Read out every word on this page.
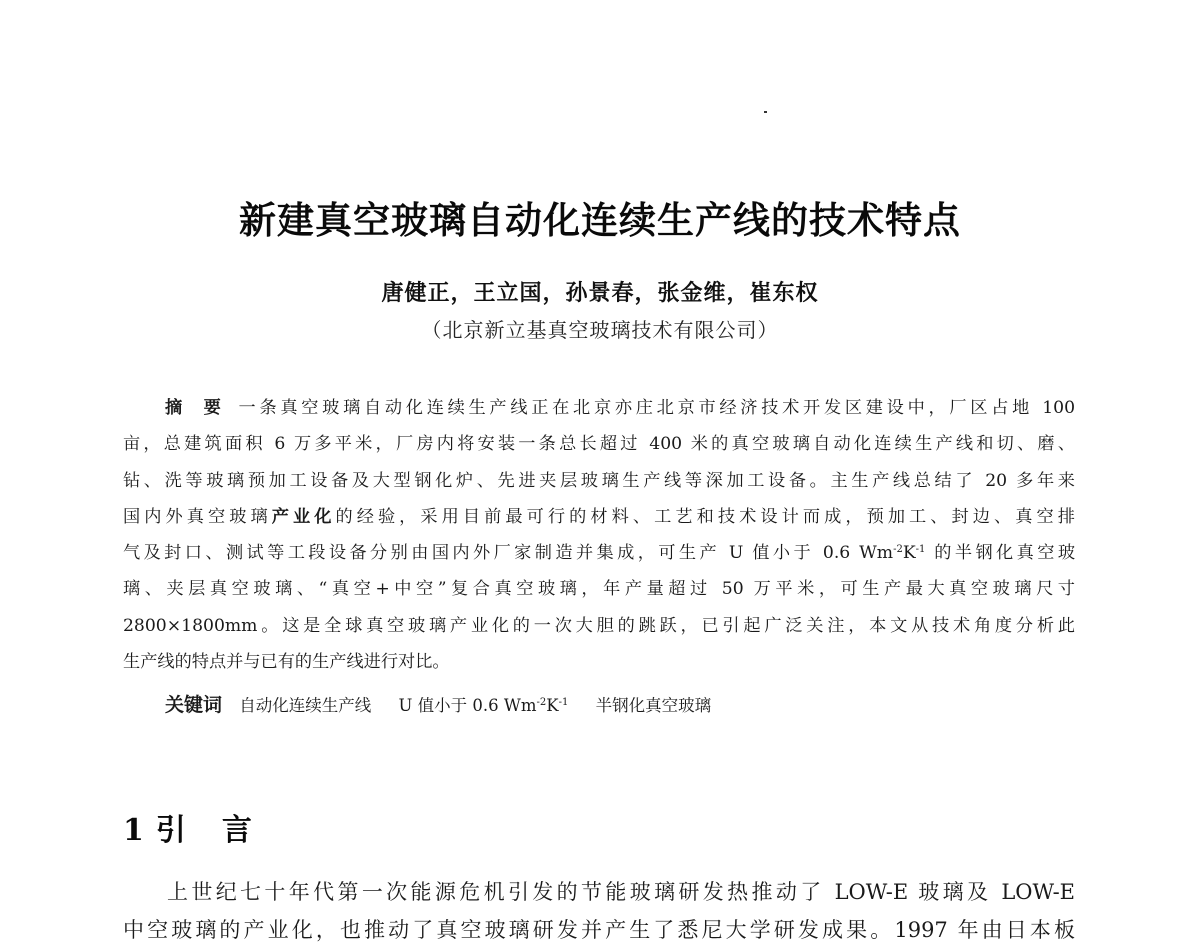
新建真空玻璃自动化连续生产线的技术特点
唐健正，王立国，孙景春，张金维，崔东权
（北京新立基真空玻璃技术有限公司）
摘 要 一条真空玻璃自动化连续生产线正在北京亦庄北京市经济技术开发区建设中，厂区占地 100
亩，总建筑面积 6 万多平米，厂房内将安装一条总长超过 400 米的真空玻璃自动化连续生产线和切、磨、
钻、洗等玻璃预加工设备及大型钢化炉、先进夹层玻璃生产线等深加工设备。主生产线总结了 20 多年来
国内外真空玻璃产业化的经验，采用目前最可行的材料、工艺和技术设计而成，预加工、封边、真空排
气及封口、测试等工段设备分别由国内外厂家制造并集成，可生产 U 值小于 0.6 $Wm^{-2}K^{-1}$ 的半钢化真空玻
璃、夹层真空玻璃、“真空+中空”复合真空玻璃，年产量超过 50 万平米，可生产最大真空玻璃尺寸
2800×1800mm。这是全球真空玻璃产业化的一次大胆的跳跃，已引起广泛关注，本文从技术角度分析此
生产线的特点并与已有的生产线进行对比。
关键词 自动化连续生产线 U 值小于 0.6 $Wm^{-2}K^{-1}$ 半钢化真空玻璃
1 引言
上世纪七十年代第一次能源危机引发的节能玻璃研发热推动了 LOW-E 玻璃及 LOW-E
中空玻璃的产业化，也推动了真空玻璃研发并产生了悉尼大学研发成果。1997 年由日本板
